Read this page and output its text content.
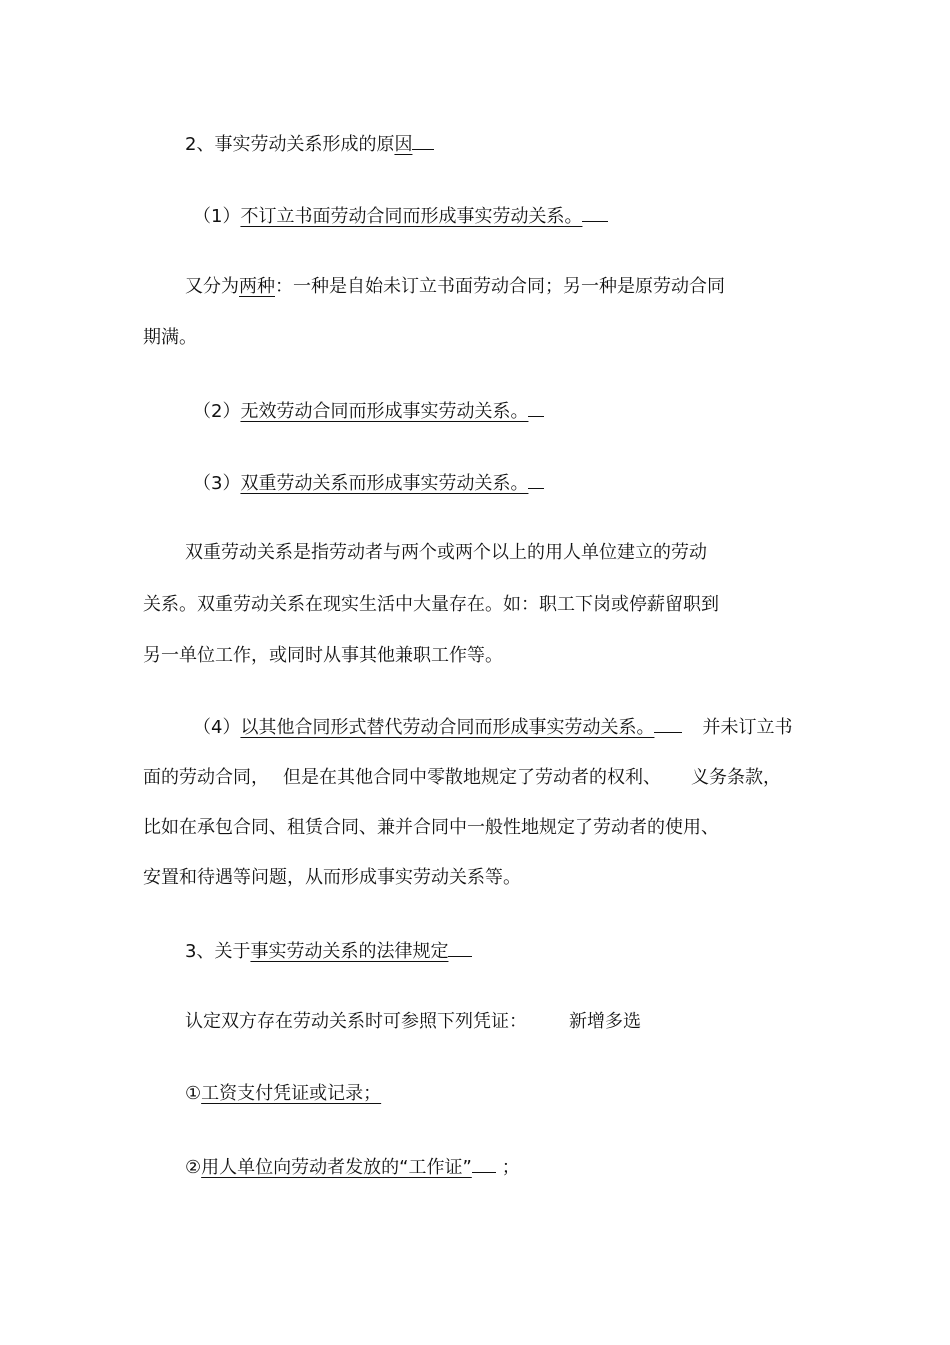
2、事实劳动关系形成的原因
（1）不订立书面劳动合同而形成事实劳动关系。
又分为两种：一种是自始未订立书面劳动合同；另一种是原劳动合同
期满。
（2）无效劳动合同而形成事实劳动关系。
（3）双重劳动关系而形成事实劳动关系。
双重劳动关系是指劳动者与两个或两个以上的用人单位建立的劳动
关系。双重劳动关系在现实生活中大量存在。如：职工下岗或停薪留职到
另一单位工作，或同时从事其他兼职工作等。
（4）以其他合同形式替代劳动合同而形成事实劳动关系。	并未订立书
面的劳动合同， 但是在其他合同中零散地规定了劳动者的权利、 义务条款，
比如在承包合同、租赁合同、兼并合同中一般性地规定了劳动者的使用、
安置和待遇等问题，从而形成事实劳动关系等。
3、关于事实劳动关系的法律规定
认定双方存在劳动关系时可参照下列凭证： 新增多选
①工资支付凭证或记录；
②用人单位向劳动者发放的“工作证” ；
